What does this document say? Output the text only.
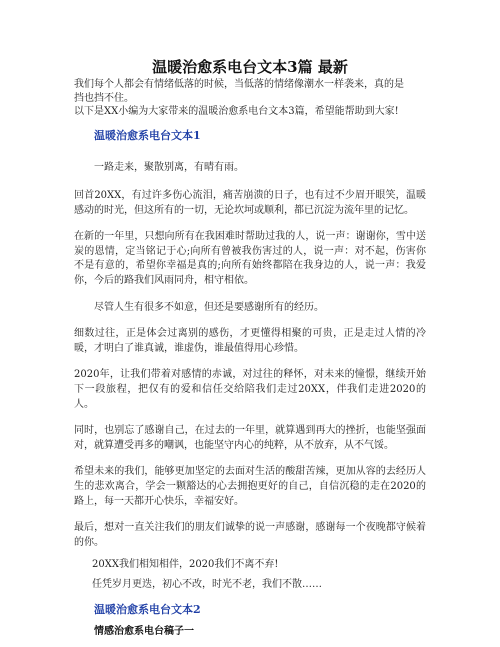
温暖治愈系电台文本3篇 最新

我们每个人都会有情绪低落的时候，当低落的情绪像潮水一样袭来，真的是

挡也挡不住。

以下是XX小编为大家带来的温暖治愈系电台文本3篇，希望能帮助到大家!

温暖治愈系电台文本1

一路走来，聚散别离，有晴有雨。

回首20XX，有过许多伤心流泪，痛苦崩溃的日子，也有过不少眉开眼笑，温暖感动的时光，但这所有的一切，无论坎坷或顺利，都已沉淀为流年里的记忆。

在新的一年里，只想向所有在我困难时帮助过我的人，说一声：谢谢你，雪中送炭的恩情，定当铭记于心;向所有曾被我伤害过的人，说一声：对不起，伤害你不是有意的，希望你幸福是真的;向所有始终都陪在我身边的人，说一声：我爱你，今后的路我们风雨同舟，相守相依。

尽管人生有很多不如意，但还是要感谢所有的经历。

细数过往，正是体会过离别的感伤，才更懂得相聚的可贵，正是走过人情的冷暖，才明白了谁真诚，谁虚伪，谁最值得用心珍惜。

2020年，让我们带着对感情的赤诚，对过往的释怀，对未来的憧憬，继续开始下一段旅程，把仅有的爱和信任交给陪我们走过20XX，伴我们走进2020的人。

同时，也别忘了感谢自己，在过去的一年里，就算遇到再大的挫折，也能坚强面对，就算遭受再多的嘲讽，也能坚守内心的纯粹，从不放弃，从不气馁。

希望未来的我们，能够更加坚定的去面对生活的酸甜苦辣，更加从容的去经历人生的悲欢离合，学会一颗豁达的心去拥抱更好的自己，自信沉稳的走在2020的路上，每一天都开心快乐，幸福安好。

最后，想对一直关注我们的朋友们诚挚的说一声感谢，感谢每一个夜晚都守候着的你。

20XX我们相知相伴，2020我们不离不弃!

任凭岁月更迭，初心不改，时光不老，我们不散……

温暖治愈系电台文本2
情感治愈系电台稿子一
